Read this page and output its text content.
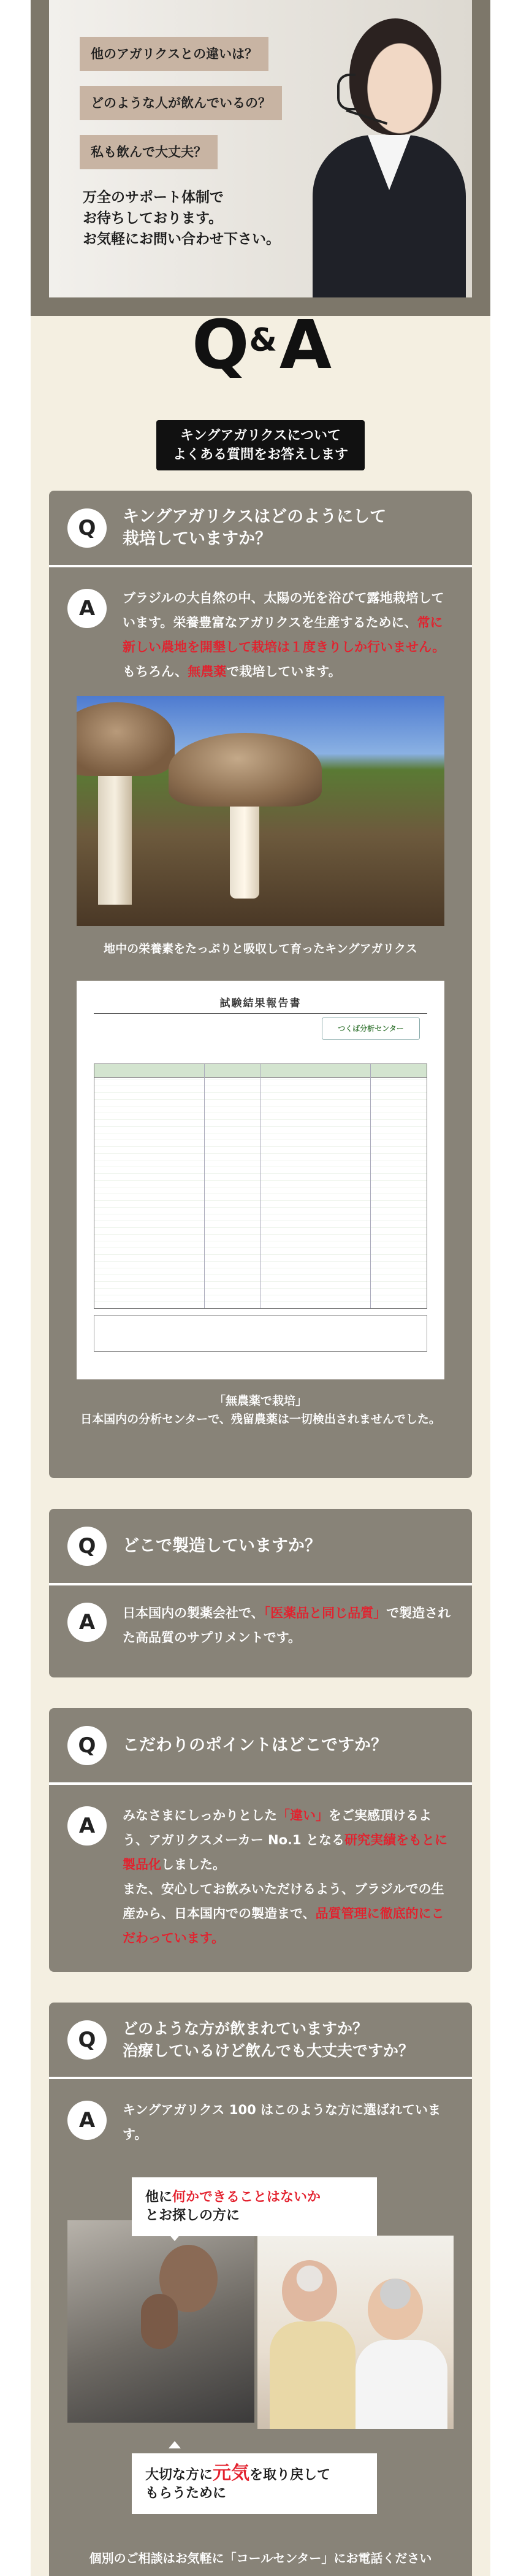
他のアガリクスとの違いは？
どのような人が飲んでいるの？
私も飲んで大丈夫？
万全のサポート体制で
お待ちしております。
お気軽にお問い合わせ下さい。
Q&A
キングアガリクスについて
よくある質問をお答えします
Q	キングアガリクスはどのようにして
栽培していますか？
A	ブラジルの大自然の中、太陽の光を浴びて露地栽培しています。栄養豊富なアガリクスを生産するために、常に新しい農地を開墾して栽培は１度きりしか行いません。もちろん、無農薬で栽培しています。
地中の栄養素をたっぷりと吸収して育ったキングアガリクス
試験結果報告書

つくば分析センター
「無農薬で栽培」
日本国内の分析センターで、残留農薬は一切検出されませんでした。
Q	どこで製造していますか？
A	日本国内の製薬会社で、「医薬品と同じ品質」で製造された高品質のサプリメントです。
Q	こだわりのポイントはどこですか？
A	みなさまにしっかりとした「違い」をご実感頂けるよう、アガリクスメーカー No.1 となる研究実績をもとに製品化しました。
また、安心してお飲みいただけるよう、ブラジルでの生産から、日本国内での製造まで、品質管理に徹底的にこだわっています。
Q	どのような方が飲まれていますか？
治療しているけど飲んでも大丈夫ですか？
A	キングアガリクス 100 はこのような方に選ばれています。
他に何かできることはないか
とお探しの方に
大切な方に元気を取り戻して
もらうために
個別のご相談はお気軽に「コールセンター」にお電話ください
